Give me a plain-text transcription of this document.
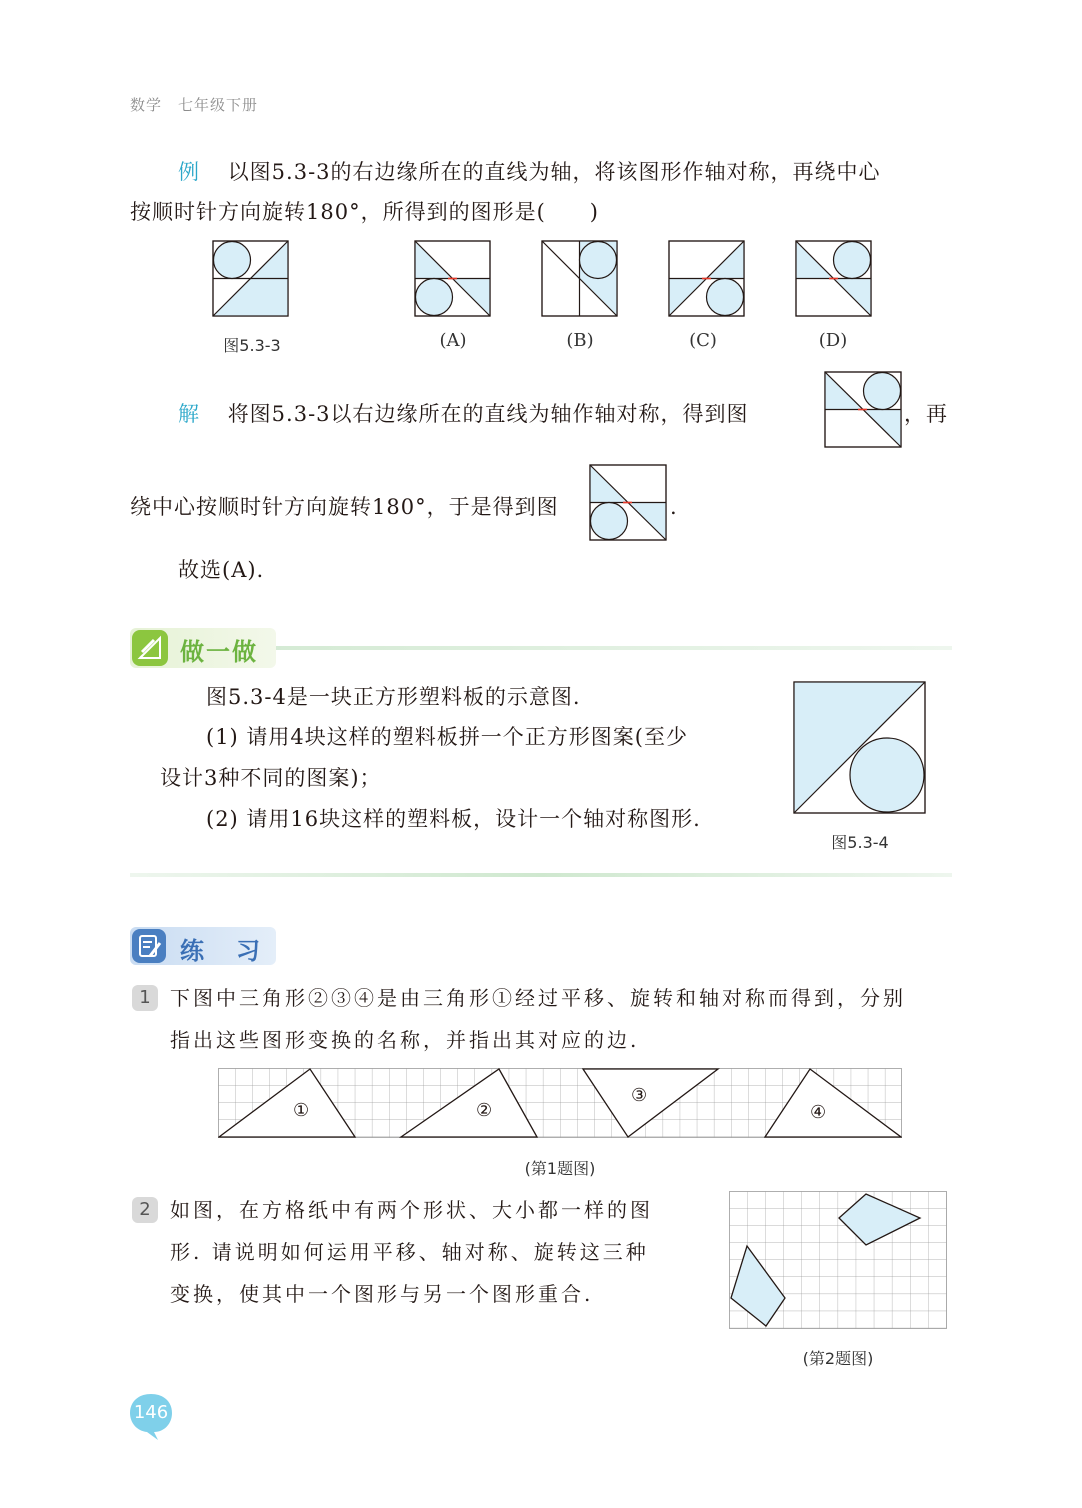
数学　七年级下册
例 以图5.3-3的右边缘所在的直线为轴，将该图形作轴对称，再绕中心
按顺时针方向旋转180°，所得到的图形是(　　)
图5.3-3	(A)	(B)	(C)	(D)
解 将图5.3-3以右边缘所在的直线为轴作轴对称，得到图	，再
绕中心按顺时针方向旋转180°，于是得到图	.
故选(A).
做一做
图5.3-4是一块正方形塑料板的示意图.
(1) 请用4块这样的塑料板拼一个正方形图案(至少
设计3种不同的图案)；
(2) 请用16块这样的塑料板，设计一个轴对称图形.
图5.3-4
练　习
1 下图中三角形②③④是由三角形①经过平移、旋转和轴对称而得到，分别
指出这些图形变换的名称，并指出其对应的边.
①	②
③
④
(第1题图)
2 如图，在方格纸中有两个形状、大小都一样的图
形. 请说明如何运用平移、轴对称、旋转这三种
变换，使其中一个图形与另一个图形重合.
(第2题图)
146
